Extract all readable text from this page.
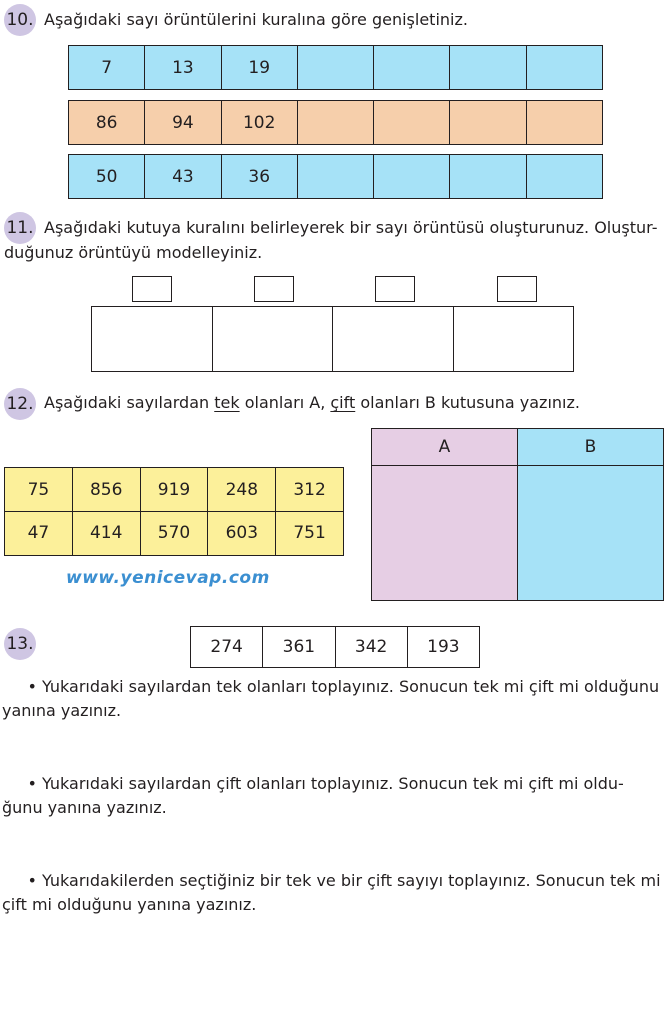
10. Aşağıdaki sayı örüntülerini kuralına göre genişletiniz.
7	13	19
86	94	102
50	43	36
11. Aşağıdaki kutuya kuralını belirleyerek bir sayı örüntüsü oluşturunuz. Oluştur-
duğunuz örüntüyü modelleyiniz.
12. Aşağıdaki sayılardan tek olanları A, çift olanları B kutusuna yazınız.
75	856	919	248	312
47	414	570	603	751
www.yenicevap.com
A	B
13.	274	361	342	193
• Yukarıdaki sayılardan tek olanları toplayınız. Sonucun tek mi çift mi olduğunu
yanına yazınız.
• Yukarıdaki sayılardan çift olanları toplayınız. Sonucun tek mi çift mi oldu-
ğunu yanına yazınız.
• Yukarıdakilerden seçtiğiniz bir tek ve bir çift sayıyı toplayınız. Sonucun tek mi
çift mi olduğunu yanına yazınız.
